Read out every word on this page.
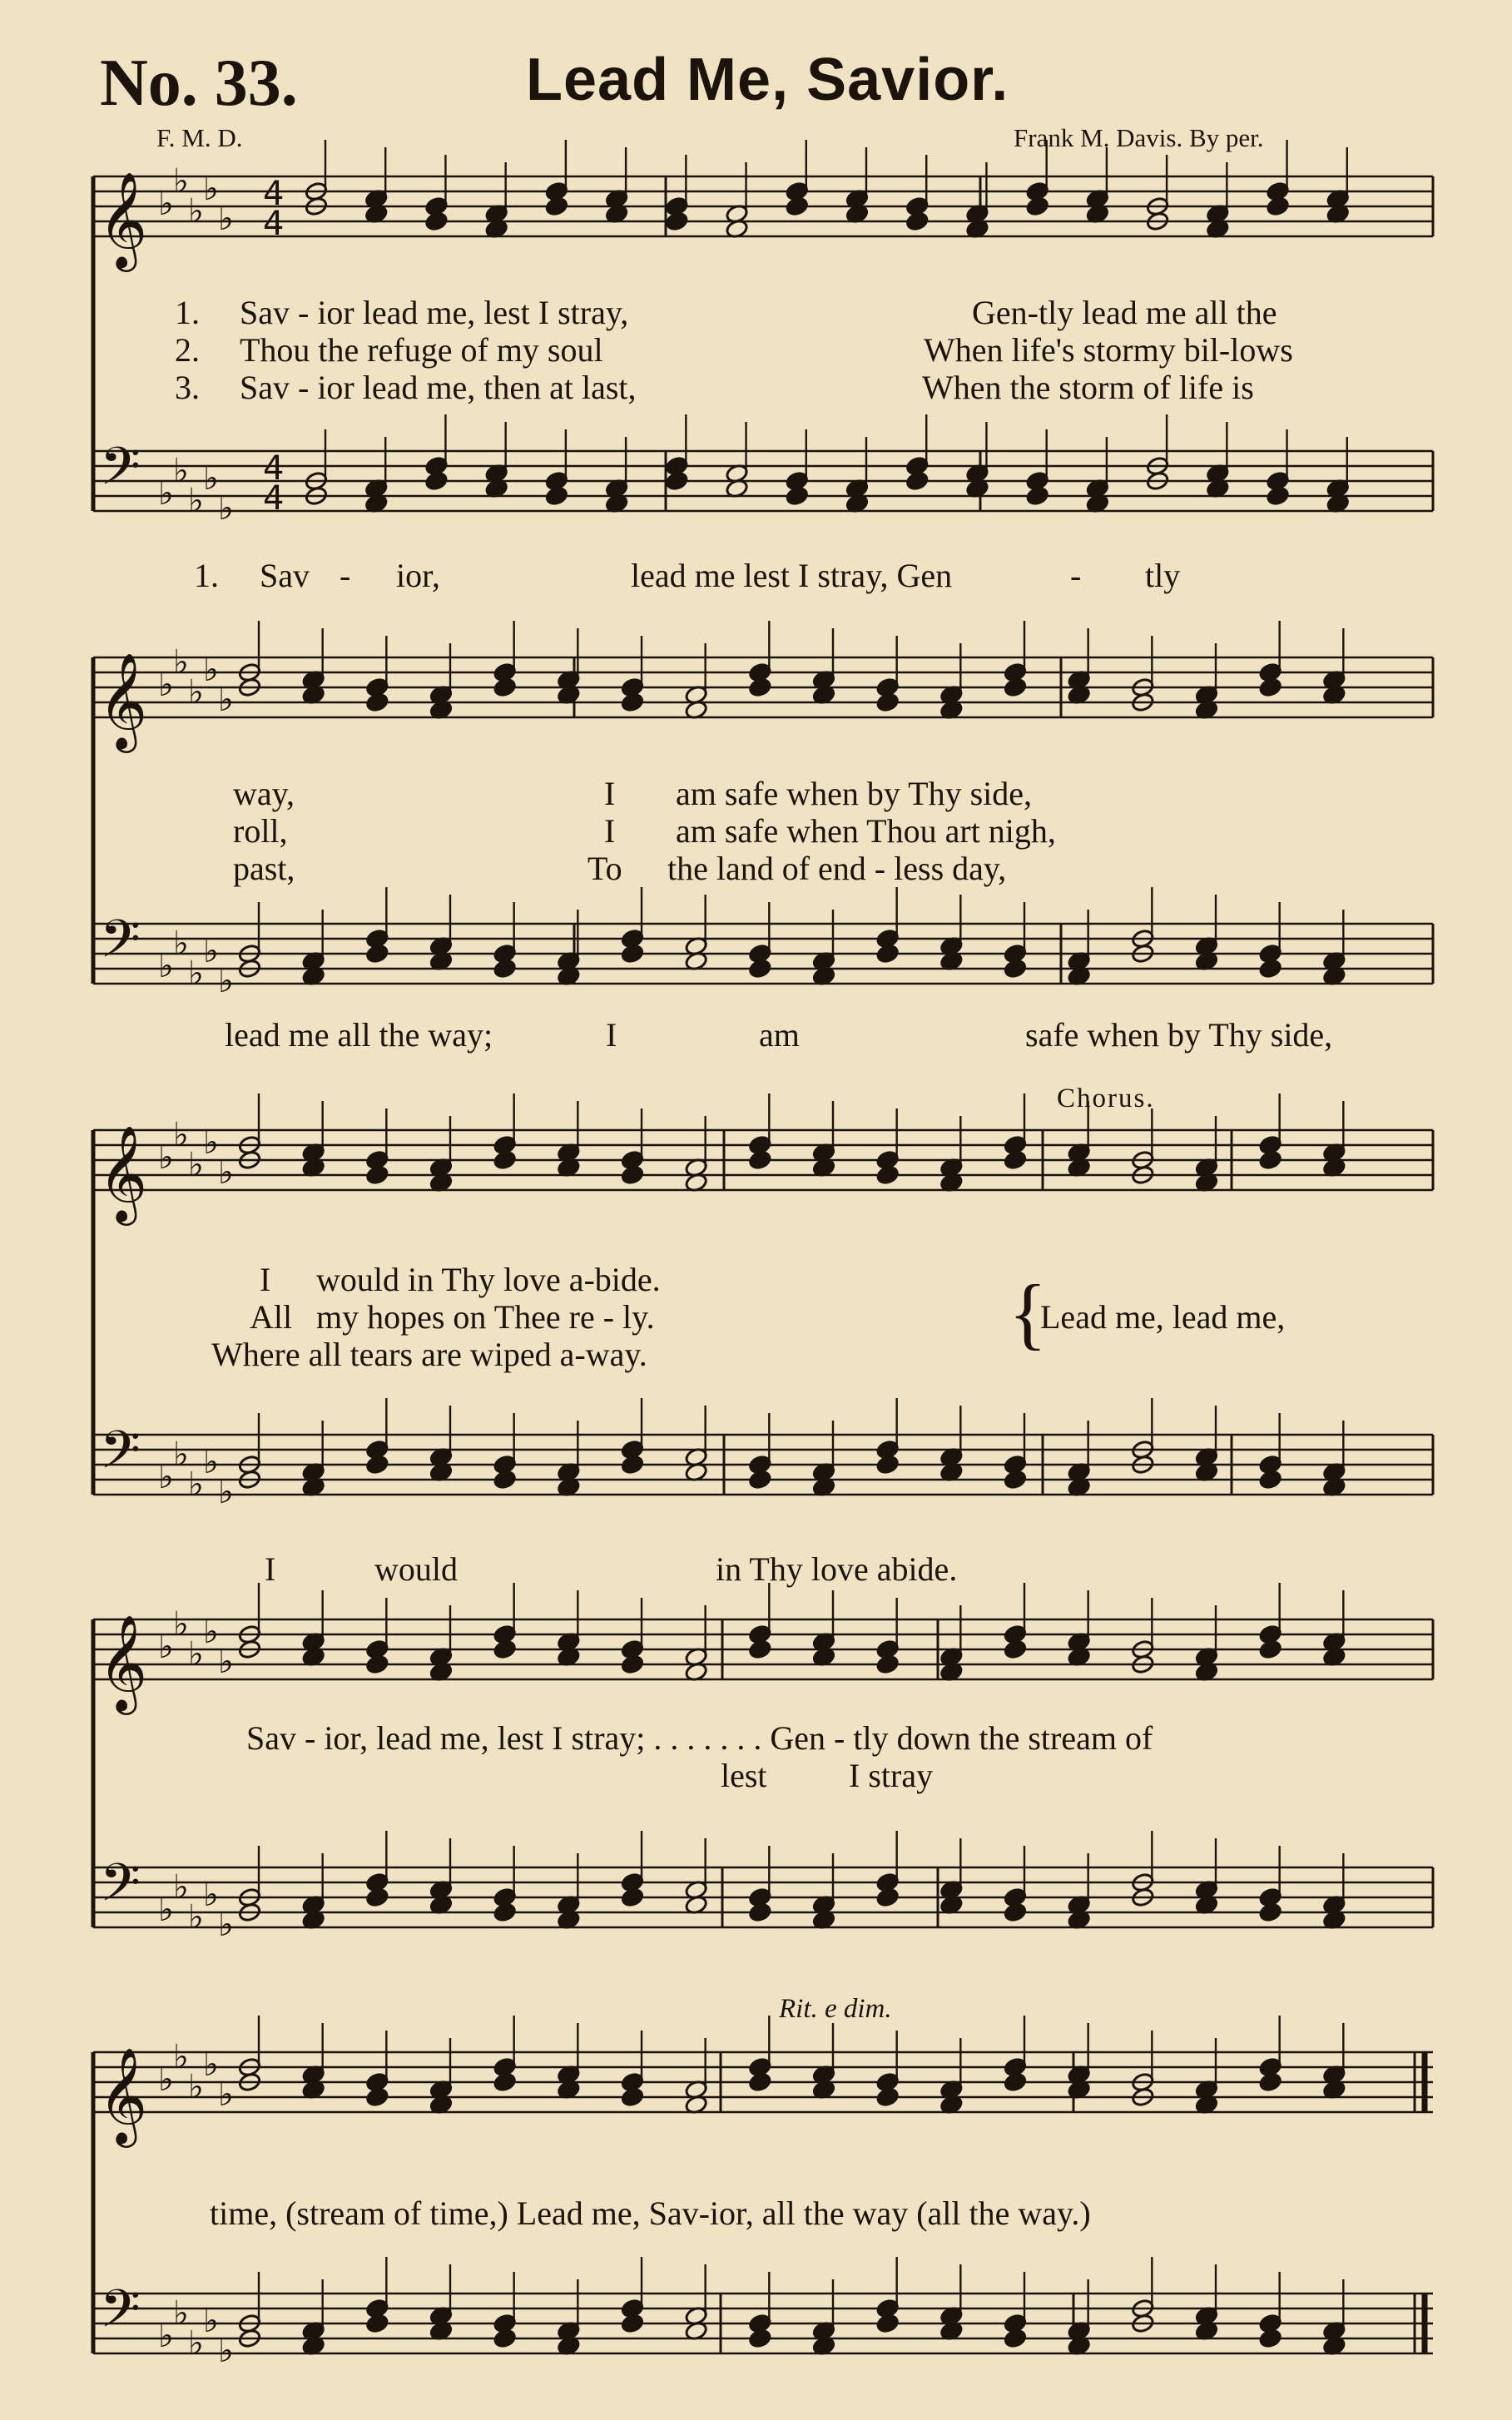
No. 33.	Lead Me, Savior.
F. M. D.	Frank M. Davis. By per.
𝄞
𝄢
♭
♭
♭
♭
♭
♭
♭
♭
♭
♭
4
4
4
4
𝄞
𝄢
♭
♭
♭
♭
♭
♭
♭
♭
♭
♭
𝄞
𝄢
♭
♭
♭
♭
♭
♭
♭
♭
♭
♭
𝄞
𝄢
♭
♭
♭
♭
♭
♭
♭
♭
♭
♭
𝄞
𝄢
♭
♭
♭
♭
♭
♭
♭
♭
♭
♭
1. Sav - ior lead me, lest I stray,	Gen-tly lead me all the
2. Thou the refuge of my soul	When life's stormy bil-lows
3. Sav - ior lead me, then at last,	When the storm of life is
1. Sav - ior,	lead me lest I stray, Gen	- tly
way,	I am safe when by Thy side,
roll,	I am safe when Thou art nigh,
past,	To the land of end - less day,
lead me all the way;	I	am	safe when by Thy side,
Chorus.
I would in Thy love a-bide.
All my hopes on Thee re - ly.
Where all tears are wiped a-way.	{
Lead me, lead me,
I	would	in Thy love abide.
Sav - ior, lead me, lest I stray; . . . . . . . Gen - tly down the stream of
lest I stray
Rit. e dim.
time, (stream of time,) Lead me, Sav-ior, all the way (all the way.)
